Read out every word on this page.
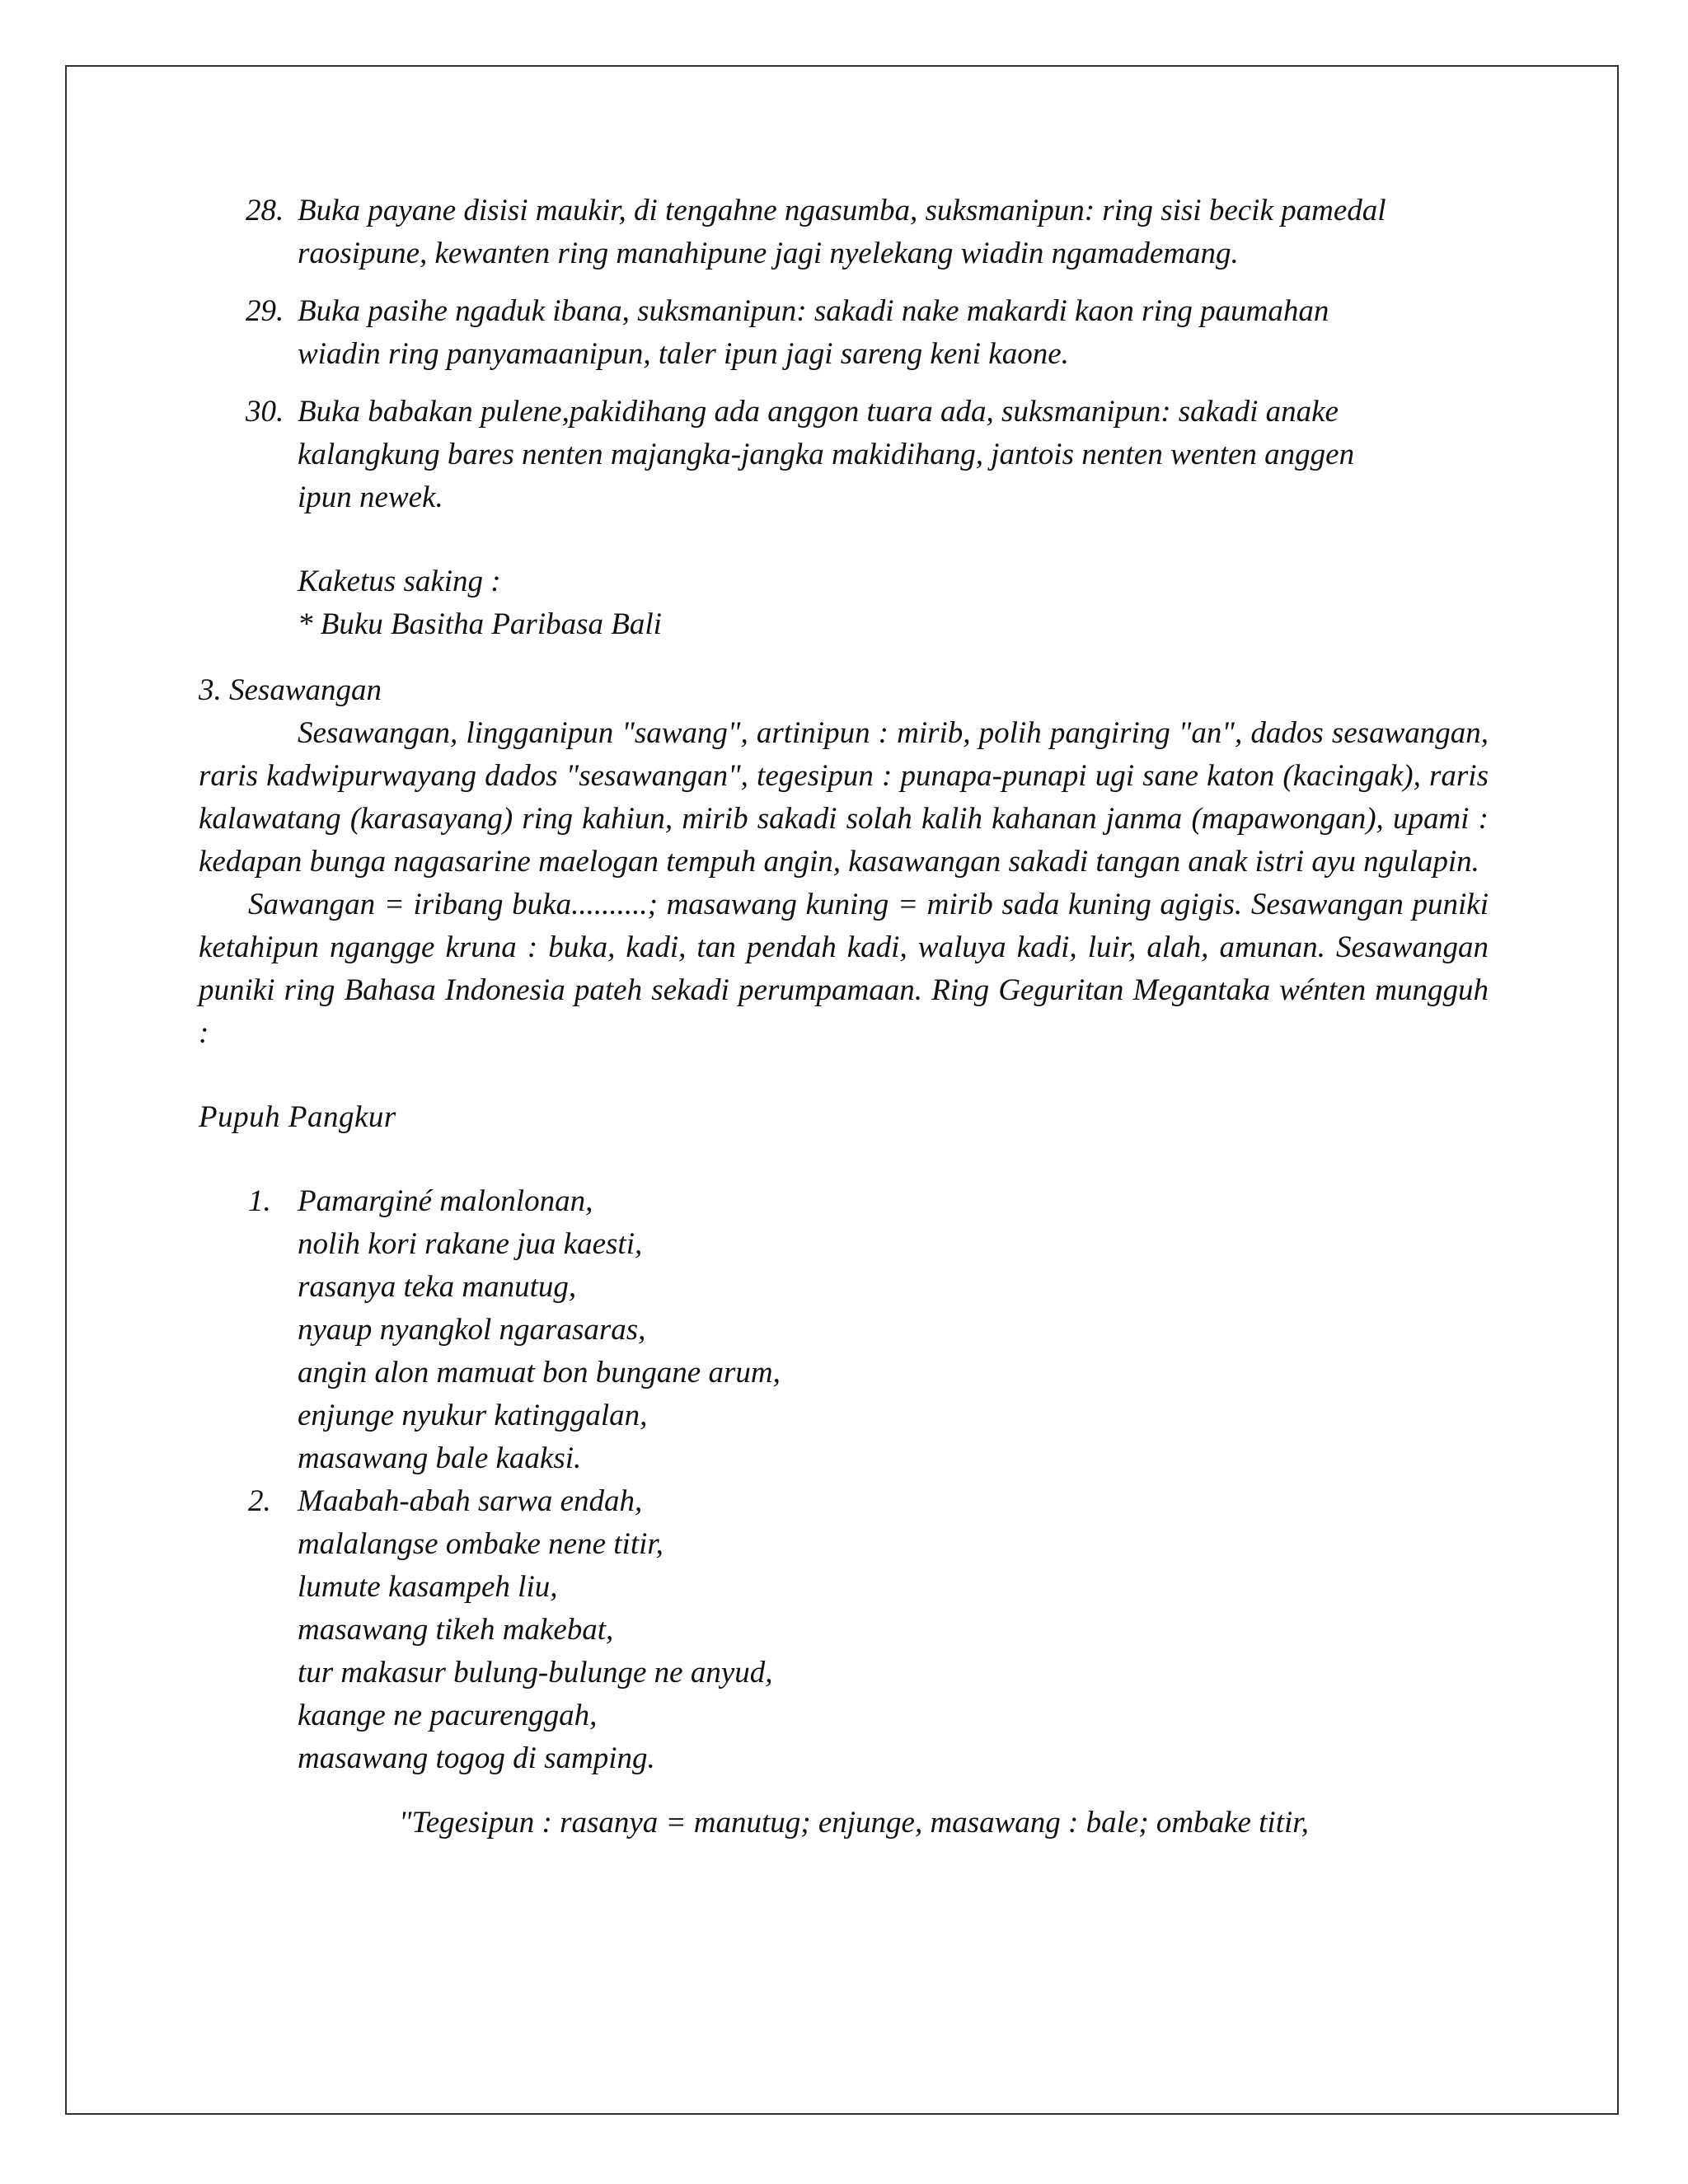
28. Buka payane disisi maukir, di tengahne ngasumba, suksmanipun: ring sisi becik pamedal
raosipune, kewanten ring manahipune jagi nyelekang wiadin ngamademang.
29. Buka pasihe ngaduk ibana, suksmanipun: sakadi nake makardi kaon ring paumahan
wiadin ring panyamaanipun, taler ipun jagi sareng keni kaone.
30. Buka babakan pulene,pakidihang ada anggon tuara ada, suksmanipun: sakadi anake
kalangkung bares nenten majangka-jangka makidihang, jantois nenten wenten anggen
ipun newek.
Kaketus saking :
* Buku Basitha Paribasa Bali
3. Sesawangan
Sesawangan, lingganipun "sawang", artinipun : mirib, polih pangiring "an", dados sesawangan, raris kadwipurwayang dados "sesawangan", tegesipun : punapa-punapi ugi sane katon (kacingak), raris kalawatang (karasayang) ring kahiun, mirib sakadi solah kalih kahanan janma (mapawongan), upami : kedapan bunga nagasarine maelogan tempuh angin, kasawangan sakadi tangan anak istri ayu ngulapin.
Sawangan = iribang buka..........; masawang kuning = mirib sada kuning agigis. Sesawangan puniki ketahipun ngangge kruna : buka, kadi, tan pendah kadi, waluya kadi, luir, alah, amunan. Sesawangan puniki ring Bahasa Indonesia pateh sekadi perumpamaan. Ring Geguritan Megantaka wénten mungguh :
Pupuh Pangkur
1. Pamarginé malonlonan,
nolih kori rakane jua kaesti,
rasanya teka manutug,
nyaup nyangkol ngarasaras,
angin alon mamuat bon bungane arum,
enjunge nyukur katinggalan,
masawang bale kaaksi.
2. Maabah-abah sarwa endah,
malalangse ombake nene titir,
lumute kasampeh liu,
masawang tikeh makebat,
tur makasur bulung-bulunge ne anyud,
kaange ne pacurenggah,
masawang togog di samping.
"Tegesipun : rasanya = manutug; enjunge, masawang : bale; ombake titir,
